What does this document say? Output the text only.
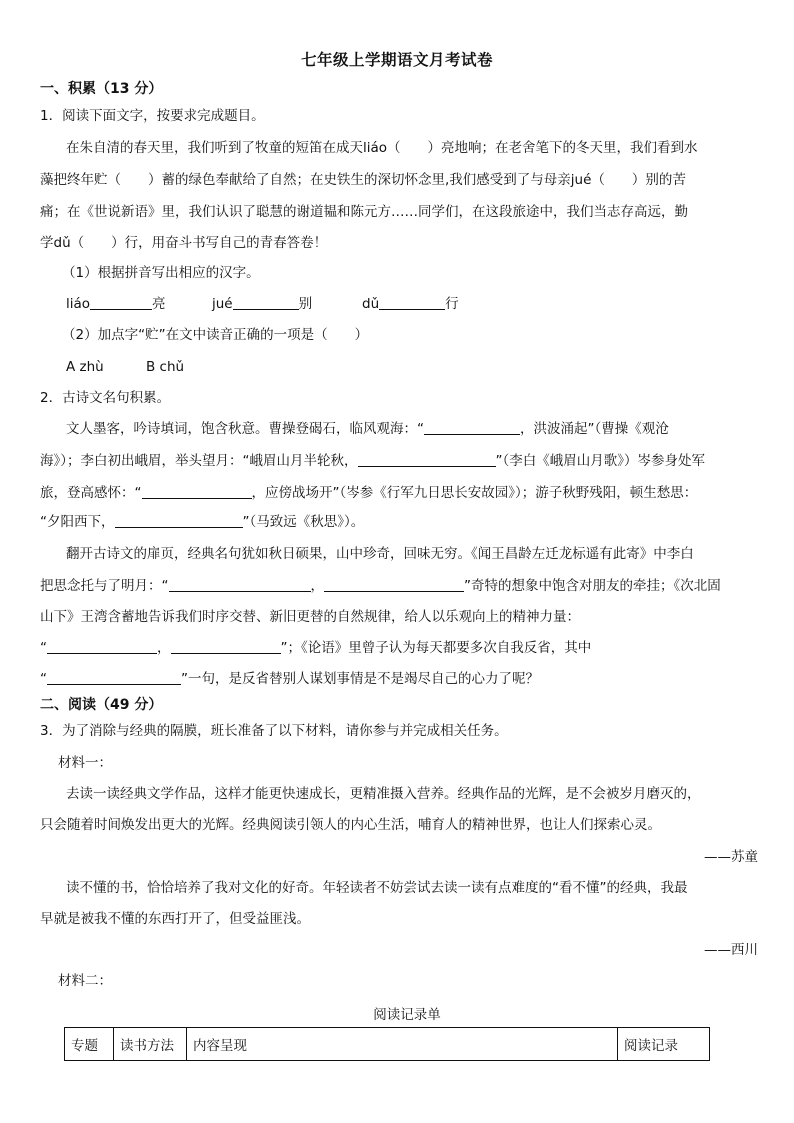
七年级上学期语文月考试卷
一、积累（13 分）
1．阅读下面文字，按要求完成题目。
在朱自清的春天里，我们听到了牧童的短笛在成天liáo（　　）亮地响；在老舍笔下的冬天里，我们看到水
藻把终年贮（　　）蓄的绿色奉献给了自然；在史铁生的深切怀念里,我们感受到了与母亲jué（　　）别的苦
痛；在《世说新语》里，我们认识了聪慧的谢道韫和陈元方……同学们，在这段旅途中，我们当志存高远，勤
学dǔ（　　）行，用奋斗书写自己的青春答卷！
（1）根据拼音写出相应的汉字。
liáo	亮	jué	别	dǔ	行
（2）加点字“贮”在文中读音正确的一项是（　　）
A zhù	B chǔ
2．古诗文名句积累。
文人墨客，吟诗填词，饱含秋意。曹操登碣石，临风观海：“	，洪波涌起”（曹操《观沧
海》）；李白初出峨眉，举头望月：“峨眉山月半轮秋，	”（李白《峨眉山月歌》）岑参身处军
旅，登高感怀：“	，应傍战场开”（岑参《行军九日思长安故园》）；游子秋野残阳，顿生愁思：
“夕阳西下，	”（马致远《秋思》）。
翻开古诗文的扉页，经典名句犹如秋日硕果，山中珍奇，回味无穷。《闻王昌龄左迁龙标遥有此寄》中李白
把思念托与了明月：“	，	”奇特的想象中饱含对朋友的牵挂；《次北固
山下》王湾含蓄地告诉我们时序交替、新旧更替的自然规律，给人以乐观向上的精神力量：
“	，	”；《论语》里曾子认为每天都要多次自我反省，其中
“	”一句，是反省替别人谋划事情是不是竭尽自己的心力了呢？
二、阅读（49 分）
3．为了消除与经典的隔膜，班长准备了以下材料，请你参与并完成相关任务。
材料一：
去读一读经典文学作品，这样才能更快速成长，更精准摄入营养。经典作品的光辉，是不会被岁月磨灭的，
只会随着时间焕发出更大的光辉。经典阅读引领人的内心生活，哺育人的精神世界，也让人们探索心灵。
——苏童
读不懂的书，恰恰培养了我对文化的好奇。年轻读者不妨尝试去读一读有点难度的“看不懂”的经典，我最
早就是被我不懂的东西打开了，但受益匪浅。
——西川
材料二：
阅读记录单
专题	读书方法	内容呈现	阅读记录
